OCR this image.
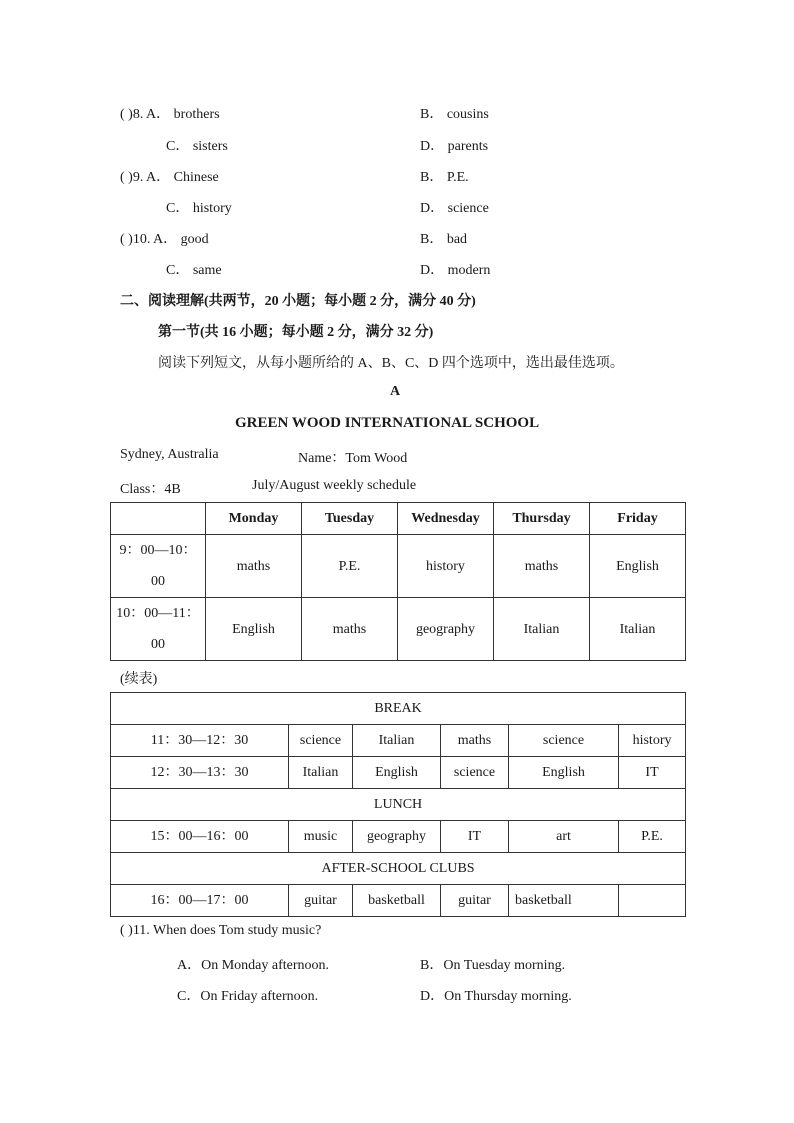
( )8. A． brothers	B． cousins
C． sisters	D． parents
( )9. A． Chinese	B． P.E.
C． history	D． science
( )10. A． good	B． bad
C． same	D． modern
二、阅读理解(共两节，20 小题；每小题 2 分，满分 40 分)
第一节(共 16 小题；每小题 2 分，满分 32 分)
阅读下列短文，从每小题所给的 A、B、C、D 四个选项中，选出最佳选项。
A
GREEN WOOD INTERNATIONAL SCHOOL
Sydney, Australia	Name：Tom Wood
Class：4B	July/August weekly schedule
	Monday	Tuesday	Wednesday	Thursday	Friday

9：00—10：
00	maths	P.E.	history	maths	English

10：00—11：
00	English	maths	geography	Italian	Italian
(续表)
BREAK					
11：30—12：30	science	Italian	maths	science	history
12：30—13：30	Italian	English	science	English	IT
LUNCH					
15：00—16：00	music	geography	IT	art	P.E.
AFTER-SCHOOL CLUBS					
16：00—17：00	guitar	basketball	guitar	basketball	
( )11. When does Tom study music?
A．On Monday afternoon.	B．On Tuesday morning.
C．On Friday afternoon.	D．On Thursday morning.
